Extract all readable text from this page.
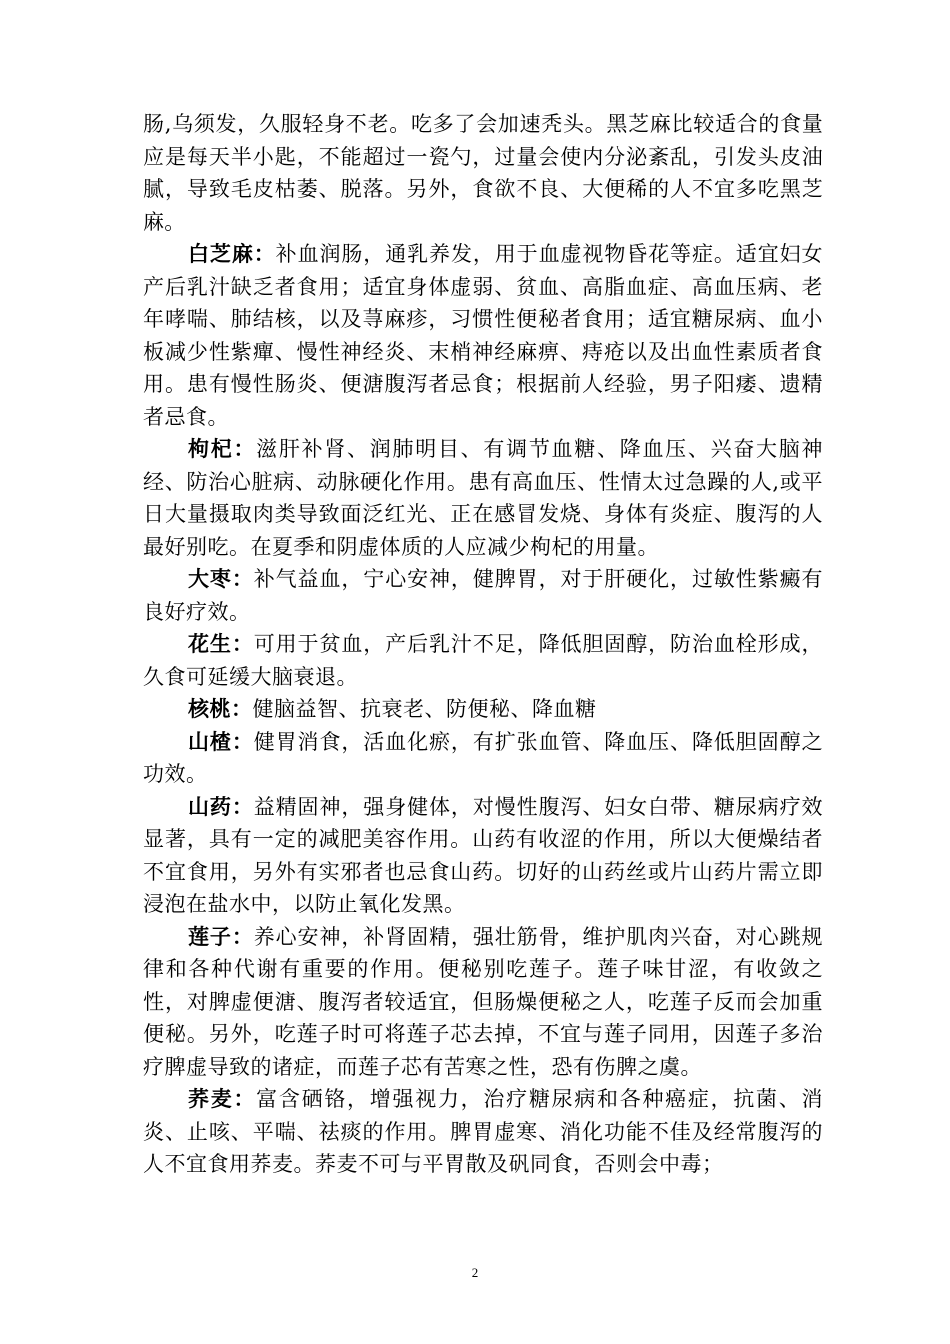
肠,乌须发，久服轻身不老。吃多了会加速秃头。黑芝麻比较适合的食量应是每天半小匙，不能超过一瓷勺，过量会使内分泌紊乱，引发头皮油腻，导致毛皮枯萎、脱落。另外，食欲不良、大便稀的人不宜多吃黑芝麻。

白芝麻：补血润肠，通乳养发，用于血虚视物昏花等症。适宜妇女产后乳汁缺乏者食用；适宜身体虚弱、贫血、高脂血症、高血压病、老年哮喘、肺结核，以及荨麻疹，习惯性便秘者食用；适宜糖尿病、血小板减少性紫癉、慢性神经炎、末梢神经麻痹、痔疮以及出血性素质者食用。患有慢性肠炎、便溏腹泻者忌食；根据前人经验，男子阳痿、遗精者忌食。

枸杞：滋肝补肾、润肺明目、有调节血糖、降血压、兴奋大脑神经、防治心脏病、动脉硬化作用。患有高血压、性情太过急躁的人,或平日大量摄取肉类导致面泛红光、正在感冒发烧、身体有炎症、腹泻的人最好别吃。在夏季和阴虚体质的人应减少枸杞的用量。

大枣：补气益血，宁心安神，健脾胃，对于肝硬化，过敏性紫癜有良好疗效。

花生：可用于贫血，产后乳汁不足，降低胆固醇，防治血栓形成，久食可延缓大脑衰退。

核桃：健脑益智、抗衰老、防便秘、降血糖

山楂：健胃消食，活血化瘀，有扩张血管、降血压、降低胆固醇之功效。

山药：益精固神，强身健体，对慢性腹泻、妇女白带、糖尿病疗效显著，具有一定的减肥美容作用。山药有收涩的作用，所以大便燥结者不宜食用，另外有实邪者也忌食山药。切好的山药丝或片山药片需立即浸泡在盐水中，以防止氧化发黑。

莲子：养心安神，补肾固精，强壮筋骨，维护肌肉兴奋，对心跳规律和各种代谢有重要的作用。便秘别吃莲子。莲子味甘涩，有收敛之性，对脾虚便溏、腹泻者较适宜，但肠燥便秘之人，吃莲子反而会加重便秘。另外，吃莲子时可将莲子芯去掉，不宜与莲子同用，因莲子多治疗脾虚导致的诸症，而莲子芯有苦寒之性，恐有伤脾之虞。

荞麦：富含硒铬，增强视力，治疗糖尿病和各种癌症，抗菌、消炎、止咳、平喘、祛痰的作用。脾胃虚寒、消化功能不佳及经常腹泻的人不宜食用荞麦。荞麦不可与平胃散及矾同食，否则会中毒；

2
